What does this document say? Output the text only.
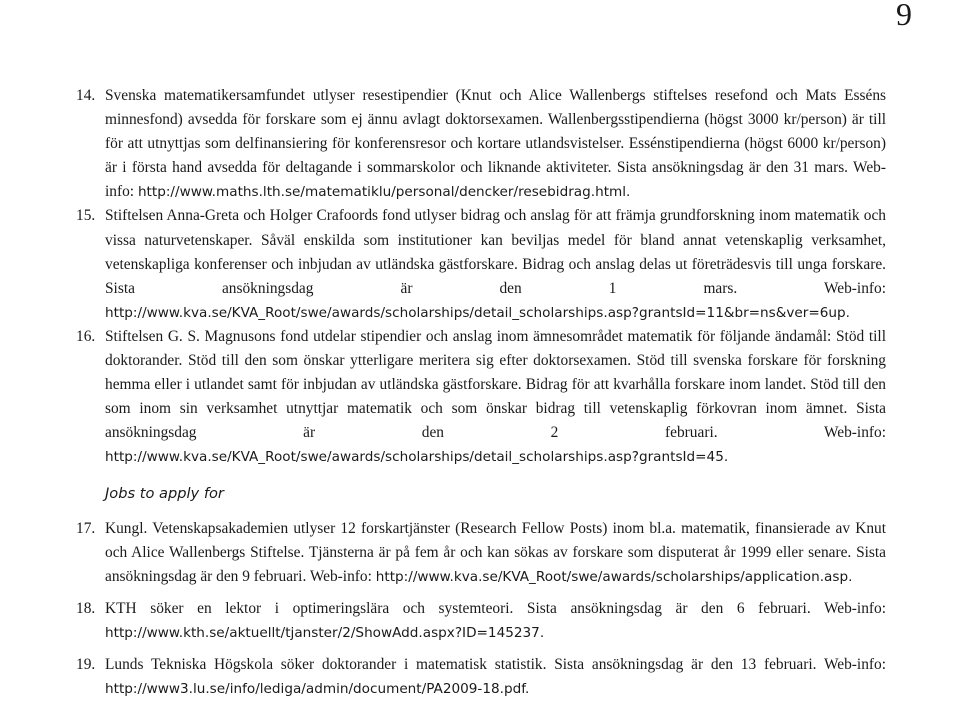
9
14. Svenska matematikersamfundet utlyser resestipendier (Knut och Alice Wallenbergs stiftelses resefond och Mats Esséns minnesfond) avsedda för forskare som ej ännu avlagt doktorsexamen. Wallenbergsstipendierna (högst 3000 kr/person) är till för att utnyttjas som delfinansiering för konferensresor och kortare utlandsvistelser. Essénstipendierna (högst 6000 kr/person) är i första hand avsedda för deltagande i sommarskolor och liknande aktiviteter. Sista ansökningsdag är den 31 mars. Web-info: http://www.maths.lth.se/matematiklu/personal/dencker/resebidrag.html.
15. Stiftelsen Anna-Greta och Holger Crafoords fond utlyser bidrag och anslag för att främja grundforskning inom matematik och vissa naturvetenskaper. Såväl enskilda som institutioner kan beviljas medel för bland annat vetenskaplig verksamhet, vetenskapliga konferenser och inbjudan av utländska gästforskare. Bidrag och anslag delas ut företrädesvis till unga forskare. Sista ansökningsdag är den 1 mars. Web-info: http://www.kva.se/KVA_Root/swe/awards/scholarships/detail_scholarships.asp?grantsId=11&br=ns&ver=6up.
16. Stiftelsen G. S. Magnusons fond utdelar stipendier och anslag inom ämnesområdet matematik för följande ändamål: Stöd till doktorander. Stöd till den som önskar ytterligare meritera sig efter doktorsexamen. Stöd till svenska forskare för forskning hemma eller i utlandet samt för inbjudan av utländska gästforskare. Bidrag för att kvarhålla forskare inom landet. Stöd till den som inom sin verksamhet utnyttjar matematik och som önskar bidrag till vetenskaplig förkovran inom ämnet. Sista ansökningsdag är den 2 februari. Web-info: http://www.kva.se/KVA_Root/swe/awards/scholarships/detail_scholarships.asp?grantsId=45.
Jobs to apply for
17. Kungl. Vetenskapsakademien utlyser 12 forskartjänster (Research Fellow Posts) inom bl.a. matematik, finansierade av Knut och Alice Wallenbergs Stiftelse. Tjänsterna är på fem år och kan sökas av forskare som disputerat år 1999 eller senare. Sista ansökningsdag är den 9 februari. Web-info: http://www.kva.se/KVA_Root/swe/awards/scholarships/application.asp.
18. KTH söker en lektor i optimeringslära och systemteori. Sista ansökningsdag är den 6 februari. Web-info: http://www.kth.se/aktuellt/tjanster/2/ShowAdd.aspx?ID=145237.
19. Lunds Tekniska Högskola söker doktorander i matematisk statistik. Sista ansökningsdag är den 13 februari. Web-info: http://www3.lu.se/info/lediga/admin/document/PA2009-18.pdf.
